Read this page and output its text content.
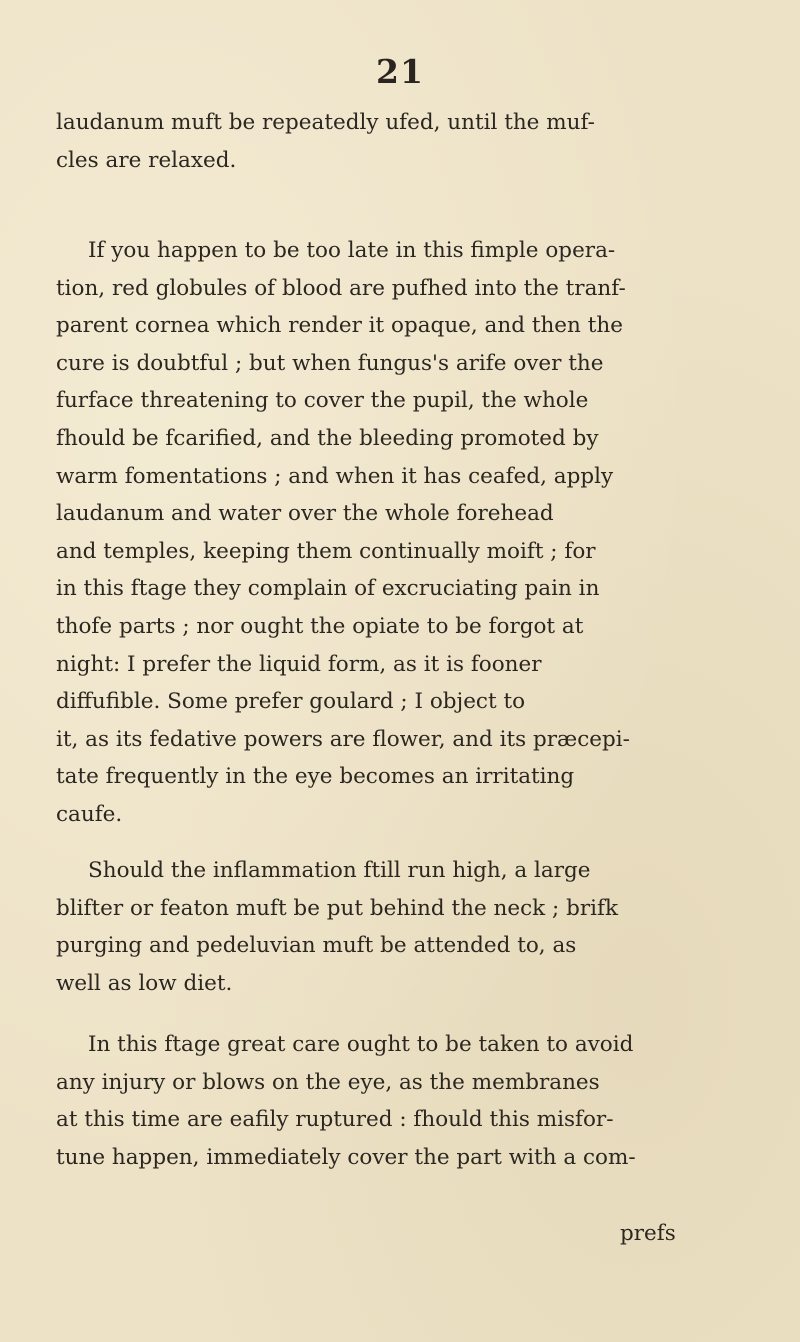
21
laudanum muft be repeatedly ufed, until the muf-
cles are relaxed.
If you happen to be too late in this fimple opera-
tion, red globules of blood are pufhed into the tranf-
parent cornea which render it opaque, and then the
cure is doubtful ; but when fungus's arife over the
furface threatening to cover the pupil, the whole
fhould be fcarified, and the bleeding promoted by
warm fomentations ; and when it has ceafed, apply
laudanum and water over the whole forehead
and temples, keeping them continually moift ; for
in this ftage they complain of excruciating pain in
thofe parts ; nor ought the opiate to be forgot at
night: I prefer the liquid form, as it is fooner
diffufible. Some prefer goulard ; I object to
it, as its fedative powers are flower, and its præcepi-
tate frequently in the eye becomes an irritating
caufe.
Should the inflammation ftill run high, a large
blifter or featon muft be put behind the neck ; brifk
purging and pedeluvian muft be attended to, as
well as low diet.
In this ftage great care ought to be taken to avoid
any injury or blows on the eye, as the membranes
at this time are eafily ruptured : fhould this misfor-
tune happen, immediately cover the part with a com-
prefs
